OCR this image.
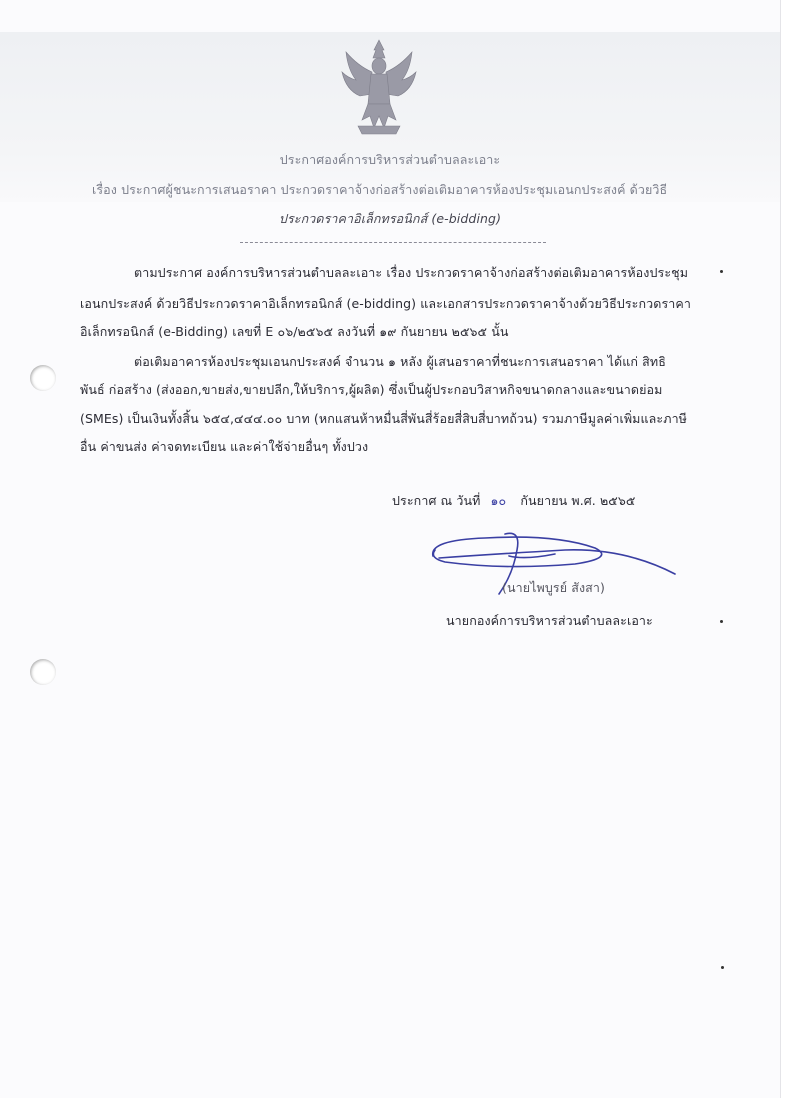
ประกาศองค์การบริหารส่วนตำบลละเอาะ
เรื่อง ประกาศผู้ชนะการเสนอราคา ประกวดราคาจ้างก่อสร้างต่อเติมอาคารห้องประชุมเอนกประสงค์ ด้วยวิธี
ประกวดราคาอิเล็กทรอนิกส์ (e-bidding)
ตามประกาศ องค์การบริหารส่วนตำบลละเอาะ เรื่อง ประกวดราคาจ้างก่อสร้างต่อเติมอาคารห้องประชุม
เอนกประสงค์ ด้วยวิธีประกวดราคาอิเล็กทรอนิกส์ (e-bidding) และเอกสารประกวดราคาจ้างด้วยวิธีประกวดราคา
อิเล็กทรอนิกส์ (e-Bidding) เลขที่ E ๐๖/๒๕๖๕ ลงวันที่ ๑๙ กันยายน ๒๕๖๕ นั้น
ต่อเติมอาคารห้องประชุมเอนกประสงค์ จำนวน ๑ หลัง ผู้เสนอราคาที่ชนะการเสนอราคา ได้แก่ สิทธิ
พันธ์ ก่อสร้าง (ส่งออก,ขายส่ง,ขายปลีก,ให้บริการ,ผู้ผลิต) ซึ่งเป็นผู้ประกอบวิสาหกิจขนาดกลางและขนาดย่อม
(SMEs) เป็นเงินทั้งสิ้น ๖๕๔,๔๔๔.๐๐ บาท (หกแสนห้าหมื่นสี่พันสี่ร้อยสี่สิบสี่บาทถ้วน) รวมภาษีมูลค่าเพิ่มและภาษี
อื่น ค่าขนส่ง ค่าจดทะเบียน และค่าใช้จ่ายอื่นๆ ทั้งปวง
ประกาศ ณ วันที่ ๑๐ กันยายน พ.ศ. ๒๕๖๕
(นายไพบูรย์ สังสา)
นายกองค์การบริหารส่วนตำบลละเอาะ
